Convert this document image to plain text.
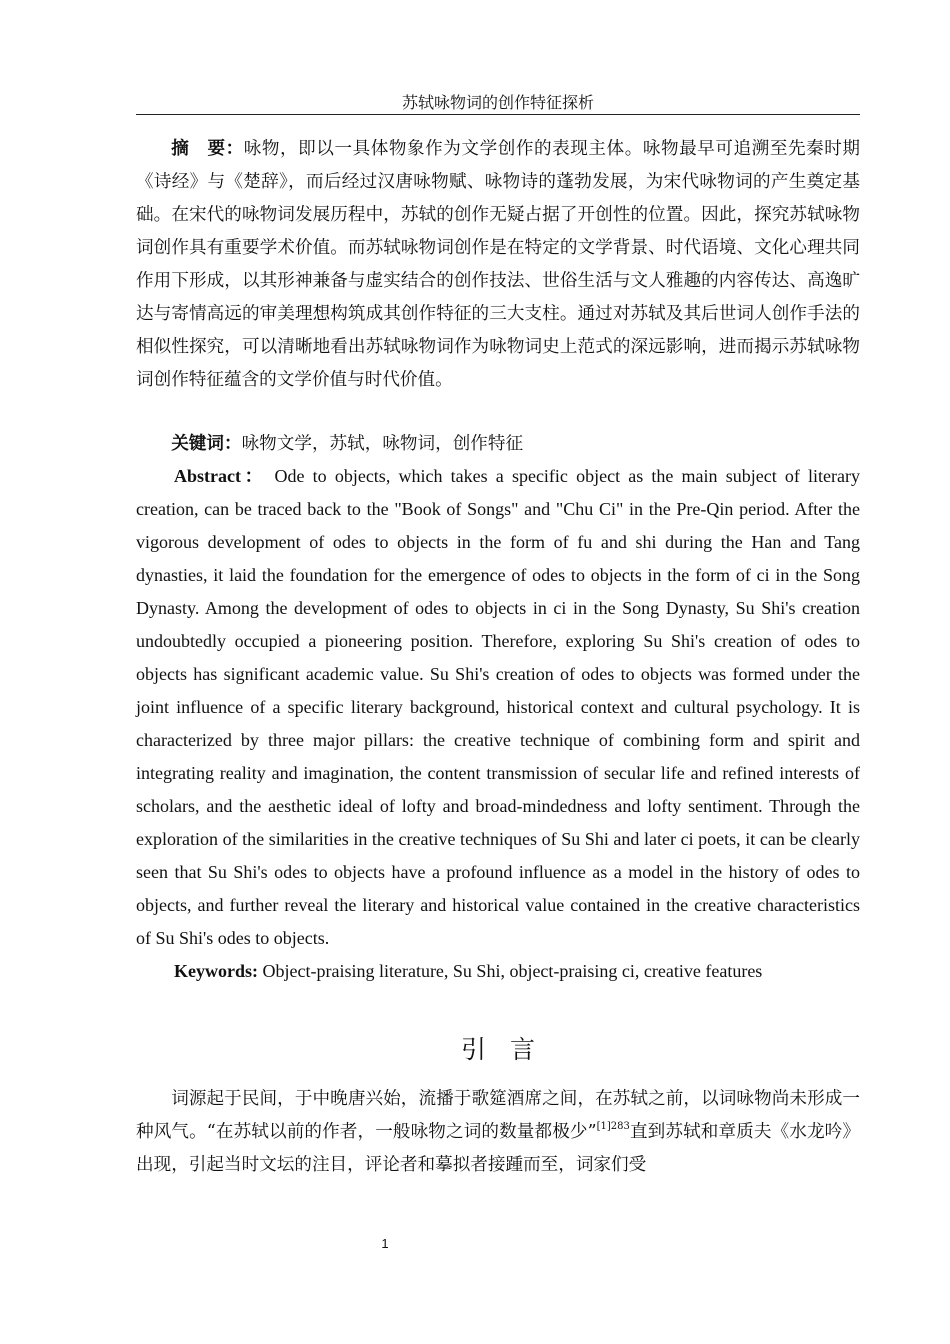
苏轼咏物词的创作特征探析

摘　要：咏物，即以一具体物象作为文学创作的表现主体。咏物最早可追溯至先秦时期《诗经》与《楚辞》，而后经过汉唐咏物赋、咏物诗的蓬勃发展，为宋代咏物词的产生奠定基础。在宋代的咏物词发展历程中，苏轼的创作无疑占据了开创性的位置。因此，探究苏轼咏物词创作具有重要学术价值。而苏轼咏物词创作是在特定的文学背景、时代语境、文化心理共同作用下形成，以其形神兼备与虚实结合的创作技法、世俗生活与文人雅趣的内容传达、高逸旷达与寄情高远的审美理想构筑成其创作特征的三大支柱。通过对苏轼及其后世词人创作手法的相似性探究，可以清晰地看出苏轼咏物词作为咏物词史上范式的深远影响，进而揭示苏轼咏物词创作特征蕴含的文学价值与时代价值。

关键词：咏物文学，苏轼，咏物词，创作特征

Abstract： Ode to objects, which takes a specific object as the main subject of literary creation, can be traced back to the "Book of Songs" and "Chu Ci" in the Pre-Qin period. After the vigorous development of odes to objects in the form of fu and shi during the Han and Tang dynasties, it laid the foundation for the emergence of odes to objects in the form of ci in the Song Dynasty. Among the development of odes to objects in ci in the Song Dynasty, Su Shi's creation undoubtedly occupied a pioneering position. Therefore, exploring Su Shi's creation of odes to objects has significant academic value. Su Shi's creation of odes to objects was formed under the joint influence of a specific literary background, historical context and cultural psychology. It is characterized by three major pillars: the creative technique of combining form and spirit and integrating reality and imagination, the content transmission of secular life and refined interests of scholars, and the aesthetic ideal of lofty and broad-mindedness and lofty sentiment. Through the exploration of the similarities in the creative techniques of Su Shi and later ci poets, it can be clearly seen that Su Shi's odes to objects have a profound influence as a model in the history of odes to objects, and further reveal the literary and historical value contained in the creative characteristics of Su Shi's odes to objects.

Keywords: Object-praising literature, Su Shi, object-praising ci, creative features

引言

词源起于民间，于中晚唐兴始，流播于歌筵酒席之间，在苏轼之前，以词咏物尚未形成一种风气。“在苏轼以前的作者，一般咏物之词的数量都极少”$^{[1]283}$直到苏轼和章质夫《水龙吟》出现，引起当时文坛的注目，评论者和摹拟者接踵而至，词家们受

1
